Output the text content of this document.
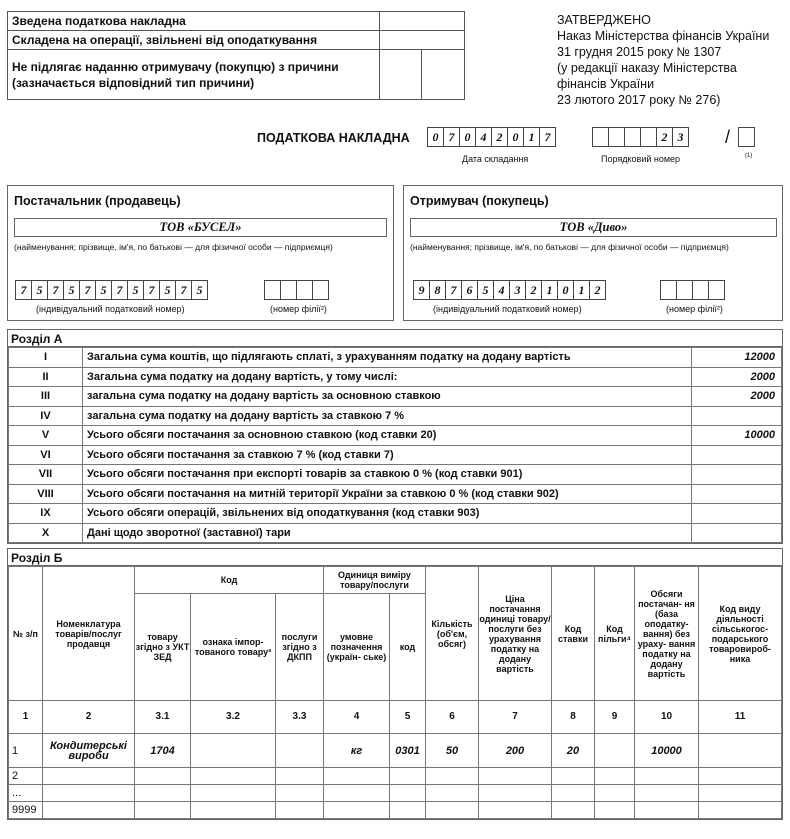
Зведена податкова накладна		
Складена на операції, звільнені від оподаткування		
Не підлягає наданню отримувачу (покупцю) з причини (зазначається відповідний тип причини)		
ЗАТВЕРДЖЕНО
Наказ Міністерства фінансів України
31 грудня 2015 року № 1307
(у редакції наказу Міністерства
фінансів України
23 лютого 2017 року № 276)
ПОДАТКОВА НАКЛАДНА	0 7 0 4 2 0 1 7
Дата складання
2 3	/
Порядковий номер	(1)
Постачальник (продавець)
ТОВ «БУСЕЛ»
(найменування; прізвище, ім'я, по батькові — для фізичної особи — підприємця)
7 5 7 5 7 5 7 5 7 5 7 5
(індивідуальний податковий номер)	(номер філії²)
Отримувач (покупець)
ТОВ «Диво»
(найменування; прізвище, ім'я, по батькові — для фізичної особи — підприємця)
9 8 7 6 5 4 3 2 1 0 1 2
(індивідуальний податковий номер)	(номер філії²)
Розділ А
I	Загальна сума коштів, що підлягають сплаті, з урахуванням податку на додану вартість	12000
II	Загальна сума податку на додану вартість, у тому числі:	2000
III	загальна сума податку на додану вартість за основною ставкою	2000
IV	загальна сума податку на додану вартість за ставкою 7 %	
V	Усього обсяги постачання за основною ставкою (код ставки 20)	10000
VI	Усього обсяги постачання за ставкою 7 % (код ставки 7)	
VII	Усього обсяги постачання при експорті товарів за ставкою 0 % (код ставки 901)	
VIII	Усього обсяги постачання на митній території України за ставкою 0 % (код ставки 902)	
IX	Усього обсяги операцій, звільнених від оподаткування (код ставки 903)	
X	Дані щодо зворотної (заставної) тари	
Розділ Б
№ з/п	Номенклатура товарів/послуг продавця	Код			Одиниця виміру товару/послуги		Кількість (об'єм, обсяг)	Ціна постачання одиниці товару/ послуги без урахування податку на додану вартість	Код ставки	Код пільги⁴	Обсяги постачан- ня (база оподатку- вання) без ураху- вання податку на додану вартість	Код виду діяльності сільськогос- подарського товаровироб- ника
		товару згідно з УКТ ЗЕД	ознака імпор- тованого товару³	послуги згідно з ДКПП	умовне позначення (україн- ське)	код						
1	2	3.1	3.2	3.3	4	5	6	7	8	9	10	11
1	Кондитерські вироби	1704			кг	0301	50	200	20		10000	
2												
...												
9999												
